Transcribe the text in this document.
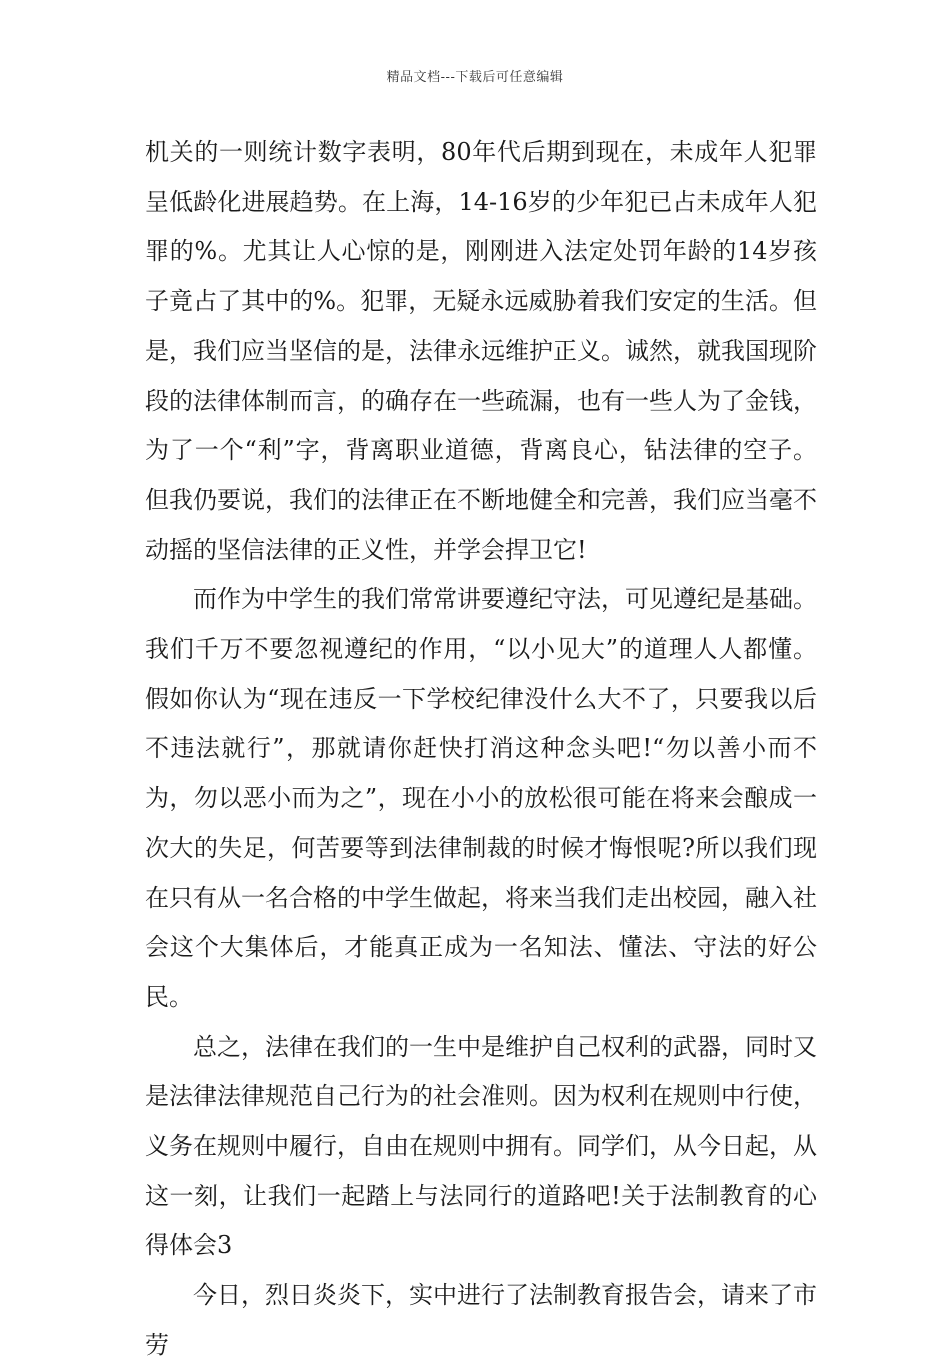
精品文档---下载后可任意编辑

机关的一则统计数字表明，80年代后期到现在，未成年人犯罪呈低龄化进展趋势。在上海，14-16岁的少年犯已占未成年人犯罪的%。尤其让人心惊的是，刚刚进入法定处罚年龄的14岁孩子竟占了其中的%。犯罪，无疑永远威胁着我们安定的生活。但是，我们应当坚信的是，法律永远维护正义。诚然，就我国现阶段的法律体制而言，的确存在一些疏漏，也有一些人为了金钱，为了一个“利”字，背离职业道德，背离良心，钻法律的空子。但我仍要说，我们的法律正在不断地健全和完善，我们应当毫不动摇的坚信法律的正义性，并学会捍卫它!

而作为中学生的我们常常讲要遵纪守法，可见遵纪是基础。我们千万不要忽视遵纪的作用，“以小见大”的道理人人都懂。假如你认为“现在违反一下学校纪律没什么大不了，只要我以后不违法就行”，那就请你赶快打消这种念头吧!“勿以善小而不为，勿以恶小而为之”，现在小小的放松很可能在将来会酿成一次大的失足，何苦要等到法律制裁的时候才悔恨呢?所以我们现在只有从一名合格的中学生做起，将来当我们走出校园，融入社会这个大集体后，才能真正成为一名知法、懂法、守法的好公民。

总之，法律在我们的一生中是维护自己权利的武器，同时又是法律法律规范自己行为的社会准则。因为权利在规则中行使，义务在规则中履行，自由在规则中拥有。同学们，从今日起，从这一刻，让我们一起踏上与法同行的道路吧!关于法制教育的心得体会3

今日，烈日炎炎下，实中进行了法制教育报告会，请来了市劳
